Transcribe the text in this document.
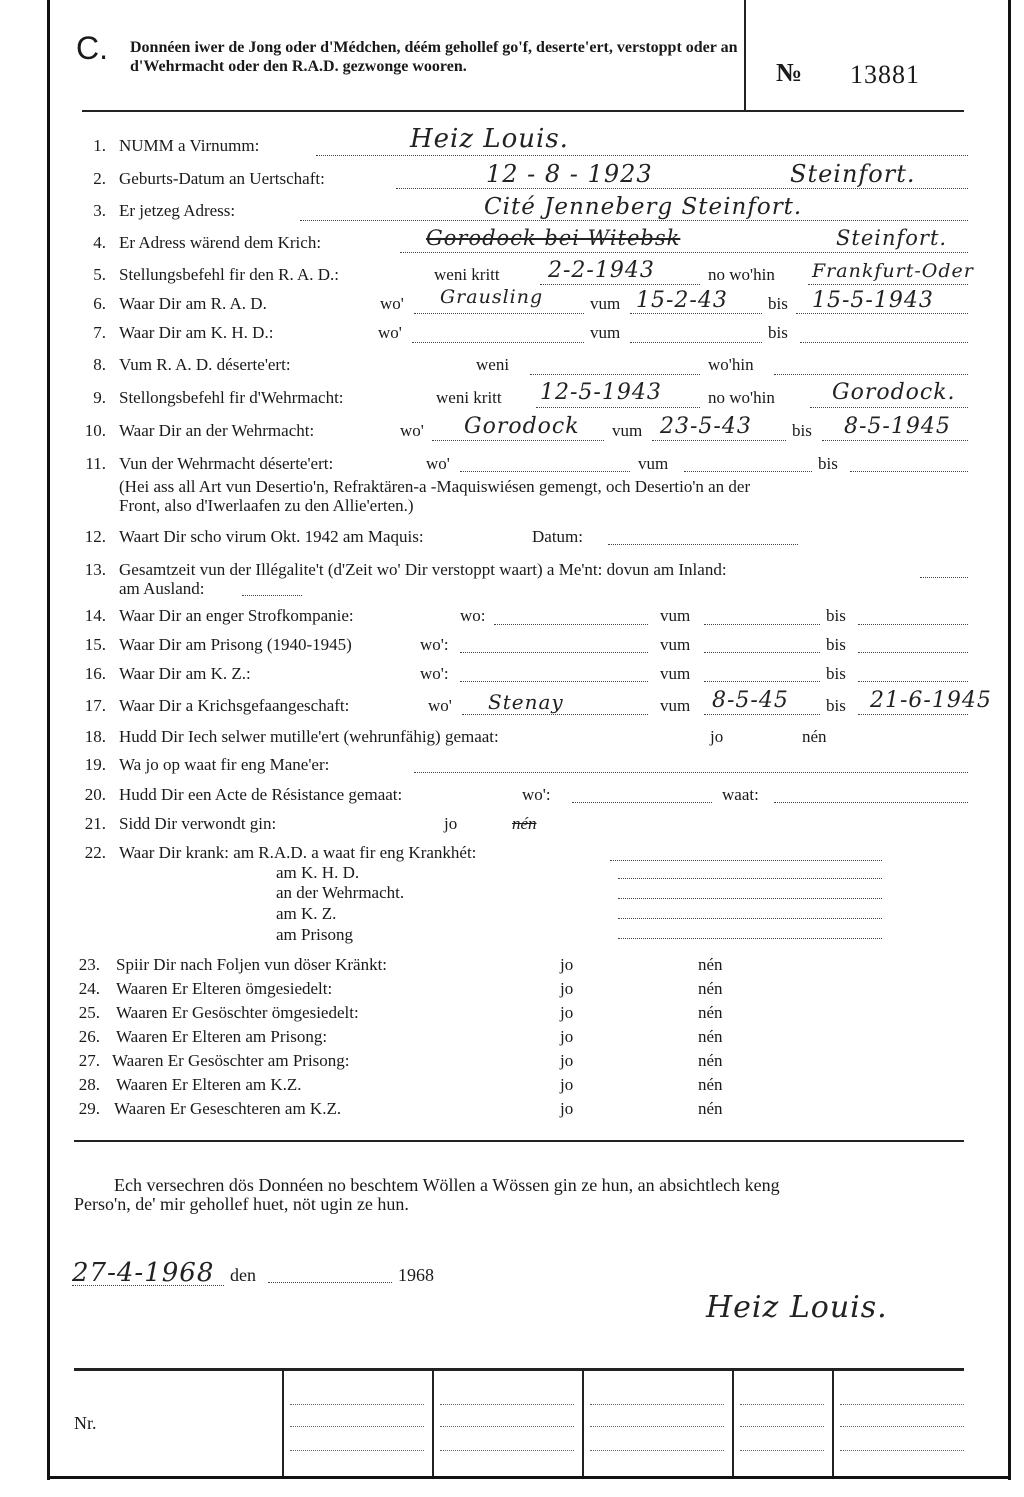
C. Donnéen iwer de Jong oder d'Médchen, déém gehollef go'f, deserte'ert, verstoppt oder an d'Wehrmacht oder den R.A.D. gezwonge wooren.	№ 13881
1. NUMM a Virnumm:	Heiz Louis.
2. Geburts-Datum an Uertschaft:	12 - 8 - 1923	Steinfort.
3. Er jetzeg Adress:	Cité Jenneberg Steinfort.
4. Er Adress wärend dem Krich:	Gorodock bei Witebsk	Steinfort.
5. Stellungsbefehl fir den R. A. D.:	weni kritt	no wo'hin
2-2-1943	Frankfurt-Oder
6. Waar Dir am R. A. D.	wo'	vum	bis
Grausling	15-2-43	15-5-1943
7. Waar Dir am K. H. D.:	wo'	vum	bis
8. Vum R. A. D. déserte'ert:	weni	wo'hin
9. Stellongsbefehl fir d'Wehrmacht:	weni kritt	no wo'hin
12-5-1943	Gorodock.
10. Waar Dir an der Wehrmacht:	wo'	vum	bis
Gorodock	23-5-43	8-5-1945
11. Vun der Wehrmacht déserte'ert:	wo'	vum	bis
(Hei ass all Art vun Desertio'n, Refraktären-a -Maquiswiésen gemengt, och Desertio'n an der
Front, also d'Iwerlaafen zu den Allie'erten.)
12. Waart Dir scho virum Okt. 1942 am Maquis:	Datum:
13. Gesamtzeit vun der Illégalite't (d'Zeit wo' Dir verstoppt waart) a Me'nt: dovun am Inland:
am Ausland:
14. Waar Dir an enger Strofkompanie:	wo:	vum	bis
15. Waar Dir am Prisong (1940-1945)	wo':	vum	bis
16. Waar Dir am K. Z.:	wo':	vum	bis
17. Waar Dir a Krichsgefaangeschaft:	wo'	vum	bis
Stenay	8-5-45	21-6-1945
18. Hudd Dir Iech selwer mutille'ert (wehrunfähig) gemaat:	jo	nén
19. Wa jo op waat fir eng Mane'er:
20. Hudd Dir een Acte de Résistance gemaat:	wo':	waat:
21. Sidd Dir verwondt gin:	jo	nén
22. Waar Dir krank: am R.A.D. a waat fir eng Krankhét:
am K. H. D.
an der Wehrmacht.
am K. Z.
am Prisong
23. Spiir Dir nach Foljen vun döser Kränkt:	jo	nén
24. Waaren Er Elteren ömgesiedelt:	jo	nén
25. Waaren Er Gesöschter ömgesiedelt:	jo	nén
26. Waaren Er Elteren am Prisong:	jo	nén
27. Waaren Er Gesöschter am Prisong:	jo	nén
28. Waaren Er Elteren am K.Z.	jo	nén
29. Waaren Er Geseschteren am K.Z.	jo	nén
Ech versechren dös Donnéen no beschtem Wöllen a Wössen gin ze hun, an absichtlech keng
Perso'n, de' mir gehollef huet, nöt ugin ze hun.
27-4-1968 den	1968
Heiz Louis.
Nr.
